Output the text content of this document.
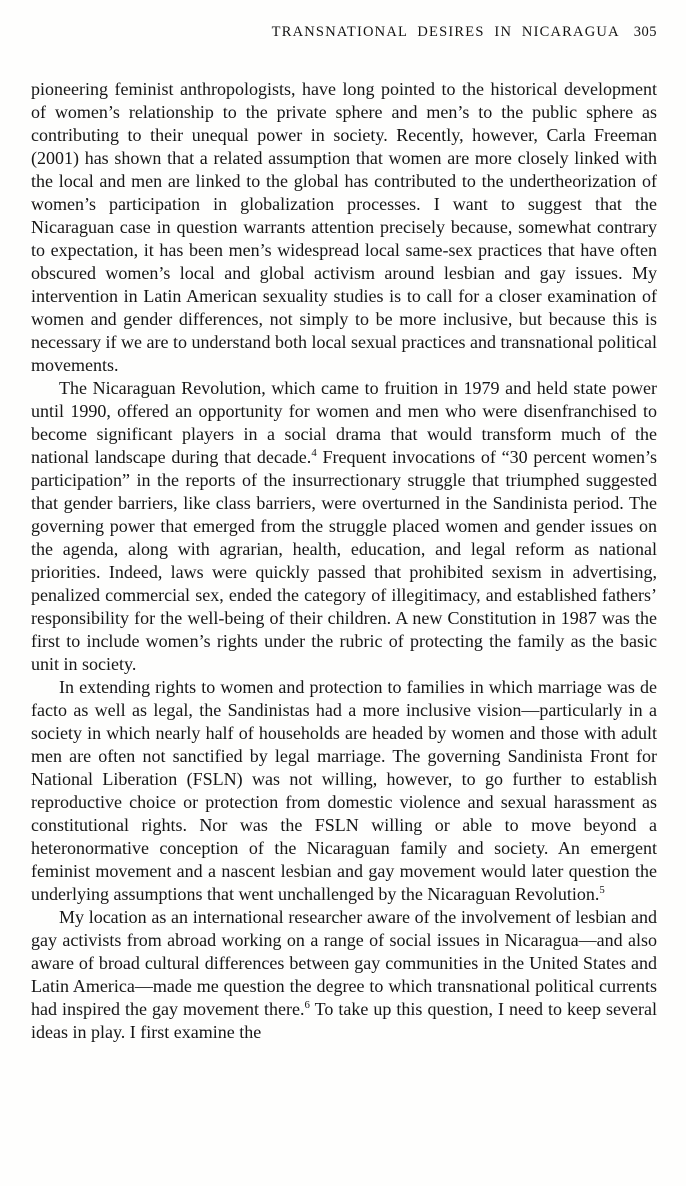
TRANSNATIONAL DESIRES IN NICARAGUA 305

pioneering feminist anthropologists, have long pointed to the historical development of women’s relationship to the private sphere and men’s to the public sphere as contributing to their unequal power in society. Recently, however, Carla Freeman (2001) has shown that a related assumption that women are more closely linked with the local and men are linked to the global has contributed to the undertheorization of women’s participation in globalization processes. I want to suggest that the Nicaraguan case in question warrants attention precisely because, somewhat contrary to expectation, it has been men’s widespread local same-sex practices that have often obscured women’s local and global activism around lesbian and gay issues. My intervention in Latin American sexuality studies is to call for a closer examination of women and gender differences, not simply to be more inclusive, but because this is necessary if we are to understand both local sexual practices and transnational political movements.

The Nicaraguan Revolution, which came to fruition in 1979 and held state power until 1990, offered an opportunity for women and men who were disenfranchised to become significant players in a social drama that would transform much of the national landscape during that decade.$^4$ Frequent invocations of “30 percent women’s participation” in the reports of the insurrectionary struggle that triumphed suggested that gender barriers, like class barriers, were overturned in the Sandinista period. The governing power that emerged from the struggle placed women and gender issues on the agenda, along with agrarian, health, education, and legal reform as national priorities. Indeed, laws were quickly passed that prohibited sexism in advertising, penalized commercial sex, ended the category of illegitimacy, and established fathers’ responsibility for the well-being of their children. A new Constitution in 1987 was the first to include women’s rights under the rubric of protecting the family as the basic unit in society.

In extending rights to women and protection to families in which marriage was de facto as well as legal, the Sandinistas had a more inclusive vision—particularly in a society in which nearly half of households are headed by women and those with adult men are often not sanctified by legal marriage. The governing Sandinista Front for National Liberation (FSLN) was not willing, however, to go further to establish reproductive choice or protection from domestic violence and sexual harassment as constitutional rights. Nor was the FSLN willing or able to move beyond a heteronormative conception of the Nicaraguan family and society. An emergent feminist movement and a nascent lesbian and gay movement would later question the underlying assumptions that went unchallenged by the Nicaraguan Revolution.$^5$

My location as an international researcher aware of the involvement of lesbian and gay activists from abroad working on a range of social issues in Nicaragua—and also aware of broad cultural differences between gay communities in the United States and Latin America—made me question the degree to which transnational political currents had inspired the gay movement there.$^6$ To take up this question, I need to keep several ideas in play. I first examine the
